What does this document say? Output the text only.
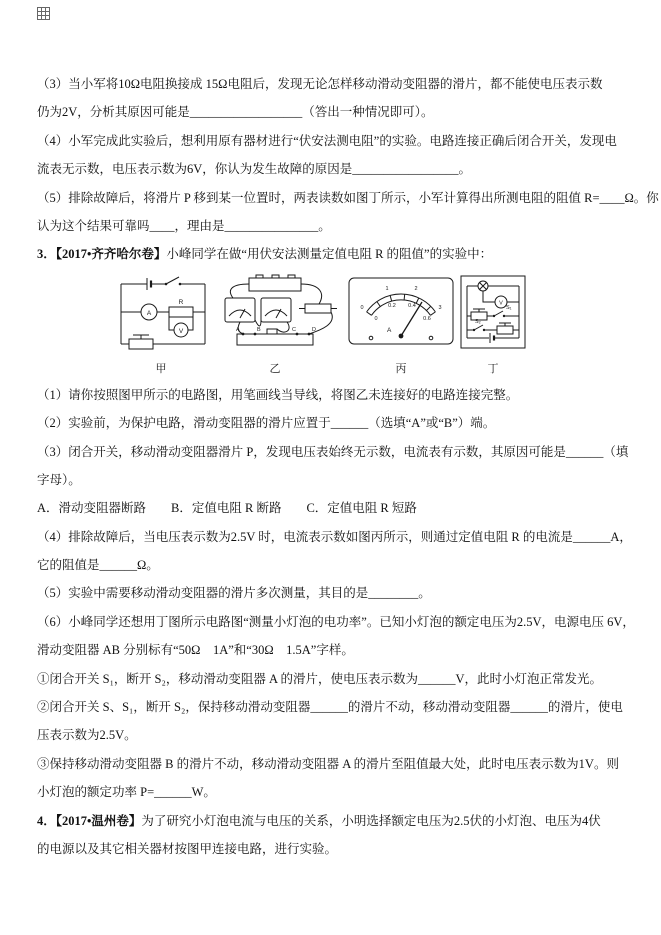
（3）当小军将10Ω电阻换接成 15Ω电阻后，发现无论怎样移动滑动变阻器的滑片，都不能使电压表示数
仍为2V，分析其原因可能是__________________（答出一种情况即可）。
（4）小军完成此实验后，想利用原有器材进行“伏安法测电阻”的实验。电路连接正确后闭合开关，发现电
流表无示数，电压表示数为6V，你认为发生故障的原因是_________________。
（5）排除故障后，将滑片 P 移到某一位置时，两表读数如图丁所示，小军计算得出所测电阻的阻值 R=____Ω。你
认为这个结果可靠吗____，理由是_______________。
3．【2017•齐齐哈尔卷】小峰同学在做“用伏安法测量定值电阻 R 的阻值”的实验中：
A
R
V
甲
A	B	C	D
乙
0
1	2
3
0
0.2 0.4
0.6
A
丙
V
S₁
S₂
丁
（1）请你按照图甲所示的电路图，用笔画线当导线，将图乙未连接好的电路连接完整。
（2）实验前，为保护电路，滑动变阻器的滑片应置于______（选填“A”或“B”）端。
（3）闭合开关，移动滑动变阻器滑片 P，发现电压表始终无示数，电流表有示数，其原因可能是______（填
字母）。
A．滑动变阻器断路　　B．定值电阻 R 断路　　C．定值电阻 R 短路
（4）排除故障后，当电压表示数为2.5V 时，电流表示数如图丙所示，则通过定值电阻 R 的电流是______A，
它的阻值是______Ω。
（5）实验中需要移动滑动变阻器的滑片多次测量，其目的是________。
（6）小峰同学还想用丁图所示电路图“测量小灯泡的电功率”。已知小灯泡的额定电压为2.5V，电源电压 6V，
滑动变阻器 AB 分别标有“50Ω　1A”和“30Ω　1.5A”字样。
①闭合开关 S₁，断开 S₂，移动滑动变阻器 A 的滑片，使电压表示数为______V，此时小灯泡正常发光。
②闭合开关 S、S₁，断开 S₂，保持移动滑动变阻器______的滑片不动，移动滑动变阻器______的滑片，使电
压表示数为2.5V。
③保持移动滑动变阻器 B 的滑片不动，移动滑动变阻器 A 的滑片至阻值最大处，此时电压表示数为1V。则
小灯泡的额定功率 P=______W。
4．【2017•温州卷】为了研究小灯泡电流与电压的关系，小明选择额定电压为2.5伏的小灯泡、电压为4伏
的电源以及其它相关器材按图甲连接电路，进行实验。
